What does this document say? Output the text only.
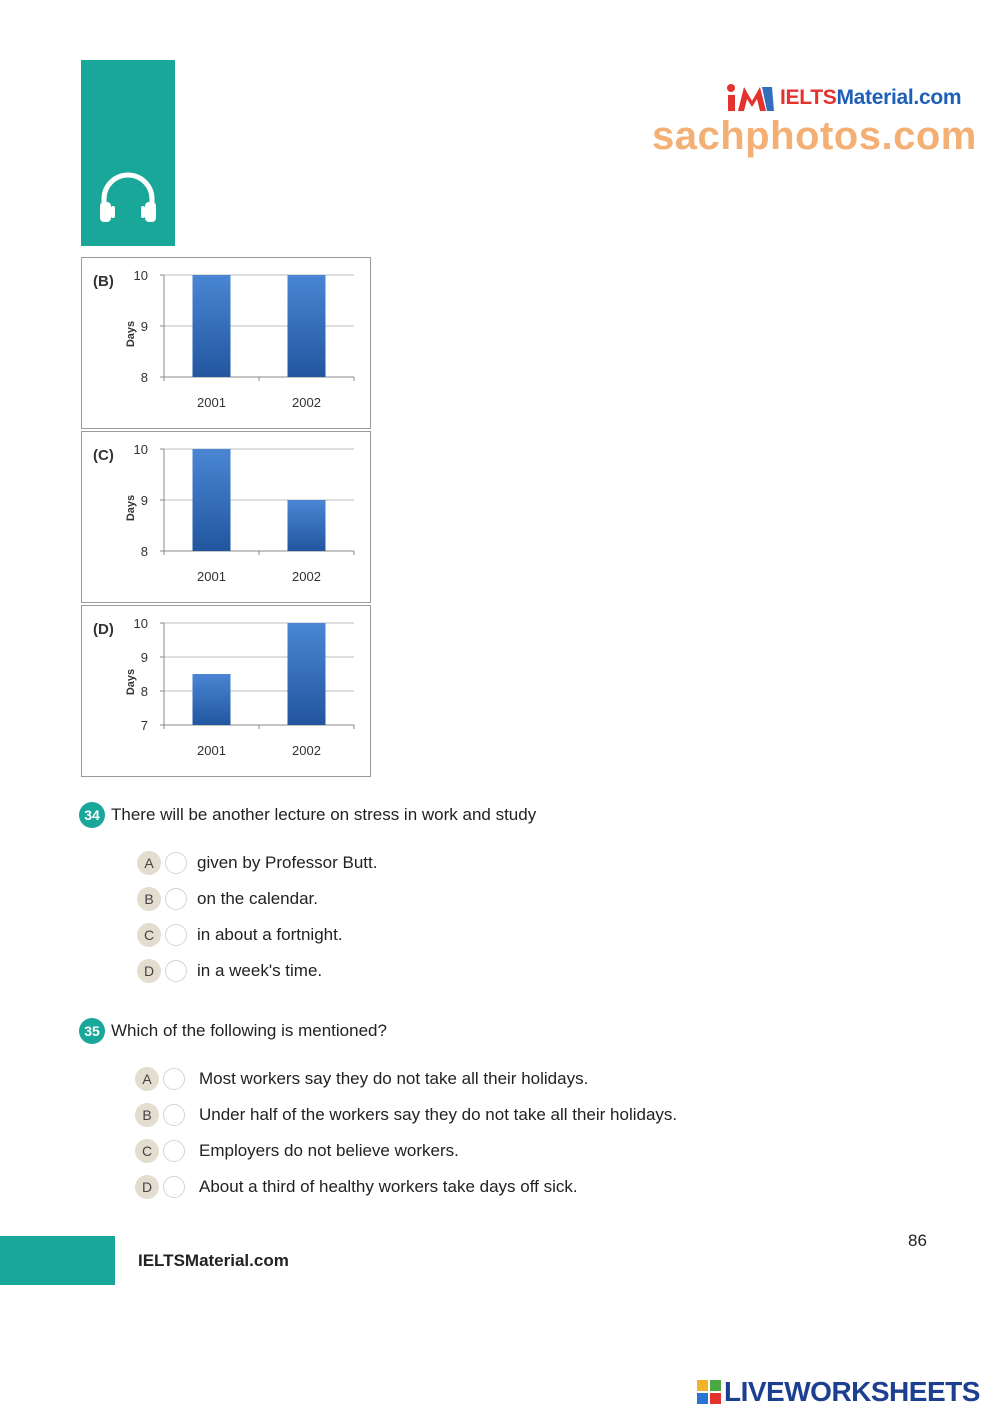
IELTSMaterial.com
sachphotos.com
(B)
8
9
10
2001	2002
Days
(C)
8
9
10
2001	2002
Days
(D)
7
8
9
10
2001	2002
Days
34 There will be another lecture on stress in work and study
A	given by Professor Butt.
B	on the calendar.
C	in about a fortnight.
D	in a week's time.
35 Which of the following is mentioned?
A	Most workers say they do not take all their holidays.
B	Under half of the workers say they do not take all their holidays.
C	Employers do not believe workers.
D	About a third of healthy workers take days off sick.
IELTSMaterial.com
86
LIVEWORKSHEETS
